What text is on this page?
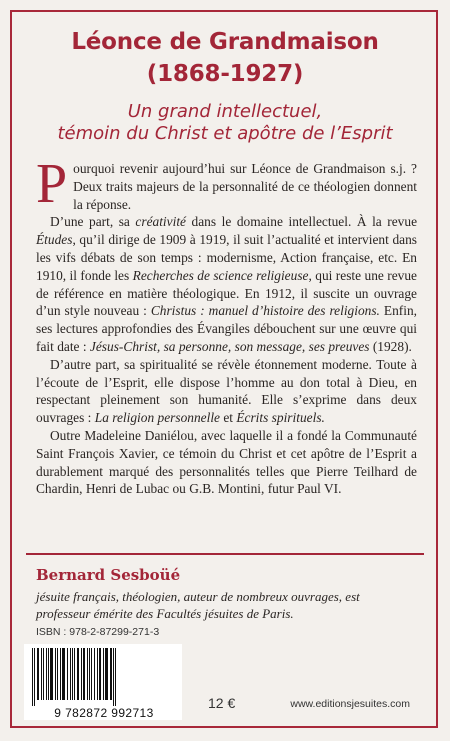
Léonce de Grandmaison
(1868-1927)
Un grand intellectuel,
témoin du Christ et apôtre de l’Esprit

Pourquoi revenir aujourd’hui sur Léonce de Grandmaison s.j. ? Deux traits majeurs de la personnalité de ce théologien donnent la réponse.

D’une part, sa créativité dans le domaine intellectuel. À la revue Études, qu’il dirige de 1909 à 1919, il suit l’actualité et intervient dans les vifs débats de son temps : modernisme, Action française, etc. En 1910, il fonde les Recherches de science religieuse, qui reste une revue de référence en matière théologique. En 1912, il suscite un ouvrage d’un style nouveau : Christus : manuel d’histoire des religions. Enfin, ses lectures approfondies des Évangiles débouchent sur une œuvre qui fait date : Jésus-Christ, sa personne, son message, ses preuves (1928).

D’autre part, sa spiritualité se révèle étonnement moderne. Toute à l’écoute de l’Esprit, elle dispose l’homme au don total à Dieu, en respectant pleinement son humanité. Elle s’exprime dans deux ouvrages : La religion personnelle et Écrits spirituels.

Outre Madeleine Daniélou, avec laquelle il a fondé la Communauté Saint François Xavier, ce témoin du Christ et cet apôtre de l’Esprit a durablement marqué des personnalités telles que Pierre Teilhard de Chardin, Henri de Lubac ou G.B. Montini, futur Paul VI.

Bernard Sesboüé
jésuite français, théologien, auteur de nombreux ouvrages, est professeur émérite des Facultés jésuites de Paris.
ISBN : 978-2-87299-271-3
9 782872 992713
12 €	www.editionsjesuites.com
